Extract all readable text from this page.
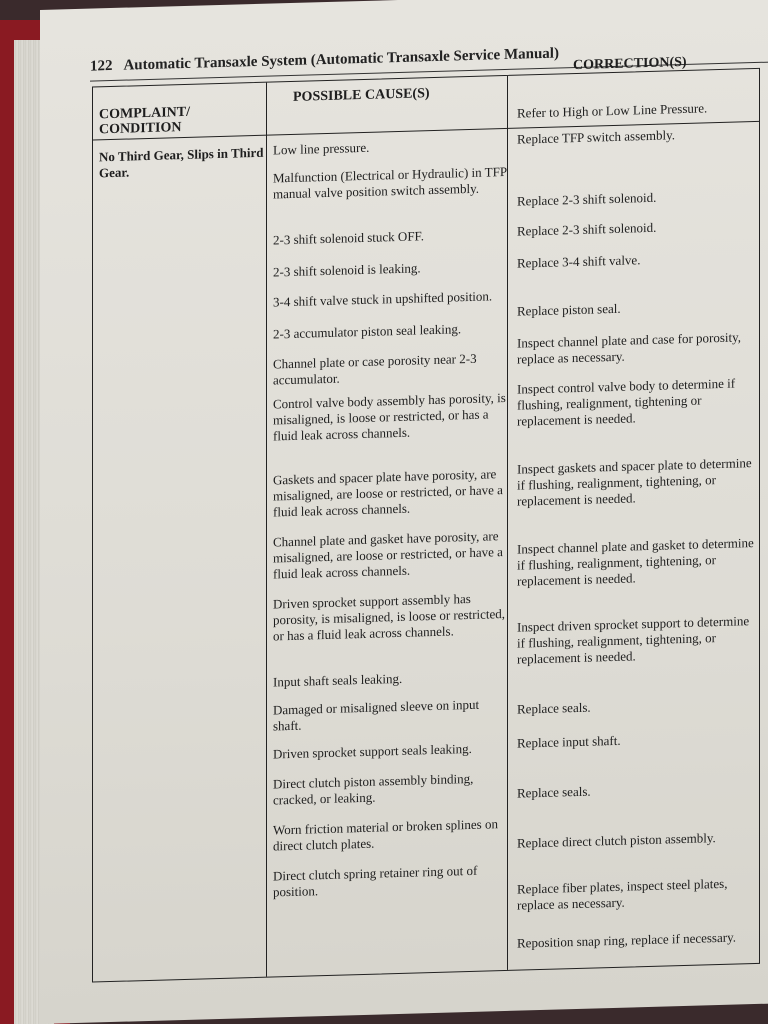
122 Automatic Transaxle System (Automatic Transaxle Service Manual)
COMPLAINT/
CONDITION
POSSIBLE CAUSE(S)
CORRECTION(S)
No Third Gear, Slips in Third Gear.
Low line pressure.
Malfunction (Electrical or Hydraulic) in TFP manual valve position switch assembly.
2-3 shift solenoid stuck OFF.
2-3 shift solenoid is leaking.
3-4 shift valve stuck in upshifted position.
2-3 accumulator piston seal leaking.
Channel plate or case porosity near 2-3 accumulator.
Control valve body assembly has porosity, is misaligned, is loose or restricted, or has a fluid leak across channels.
Gaskets and spacer plate have porosity, are misaligned, are loose or restricted, or have a fluid leak across channels.
Channel plate and gasket have porosity, are misaligned, are loose or restricted, or have a fluid leak across channels.
Driven sprocket support assembly has porosity, is misaligned, is loose or restricted, or has a fluid leak across channels.
Input shaft seals leaking.
Damaged or misaligned sleeve on input shaft.
Driven sprocket support seals leaking.
Direct clutch piston assembly binding, cracked, or leaking.
Worn friction material or broken splines on direct clutch plates.
Direct clutch spring retainer ring out of position.
Refer to High or Low Line Pressure.
Replace TFP switch assembly.
Replace 2-3 shift solenoid.
Replace 2-3 shift solenoid.
Replace 3-4 shift valve.
Replace piston seal.
Inspect channel plate and case for porosity, replace as necessary.
Inspect control valve body to determine if flushing, realignment, tightening or replacement is needed.
Inspect gaskets and spacer plate to determine if flushing, realignment, tightening, or replacement is needed.
Inspect channel plate and gasket to determine if flushing, realignment, tightening, or replacement is needed.
Inspect driven sprocket support to determine if flushing, realignment, tightening, or replacement is needed.
Replace seals.
Replace input shaft.
Replace seals.
Replace direct clutch piston assembly.
Replace fiber plates, inspect steel plates, replace as necessary.
Reposition snap ring, replace if necessary.
